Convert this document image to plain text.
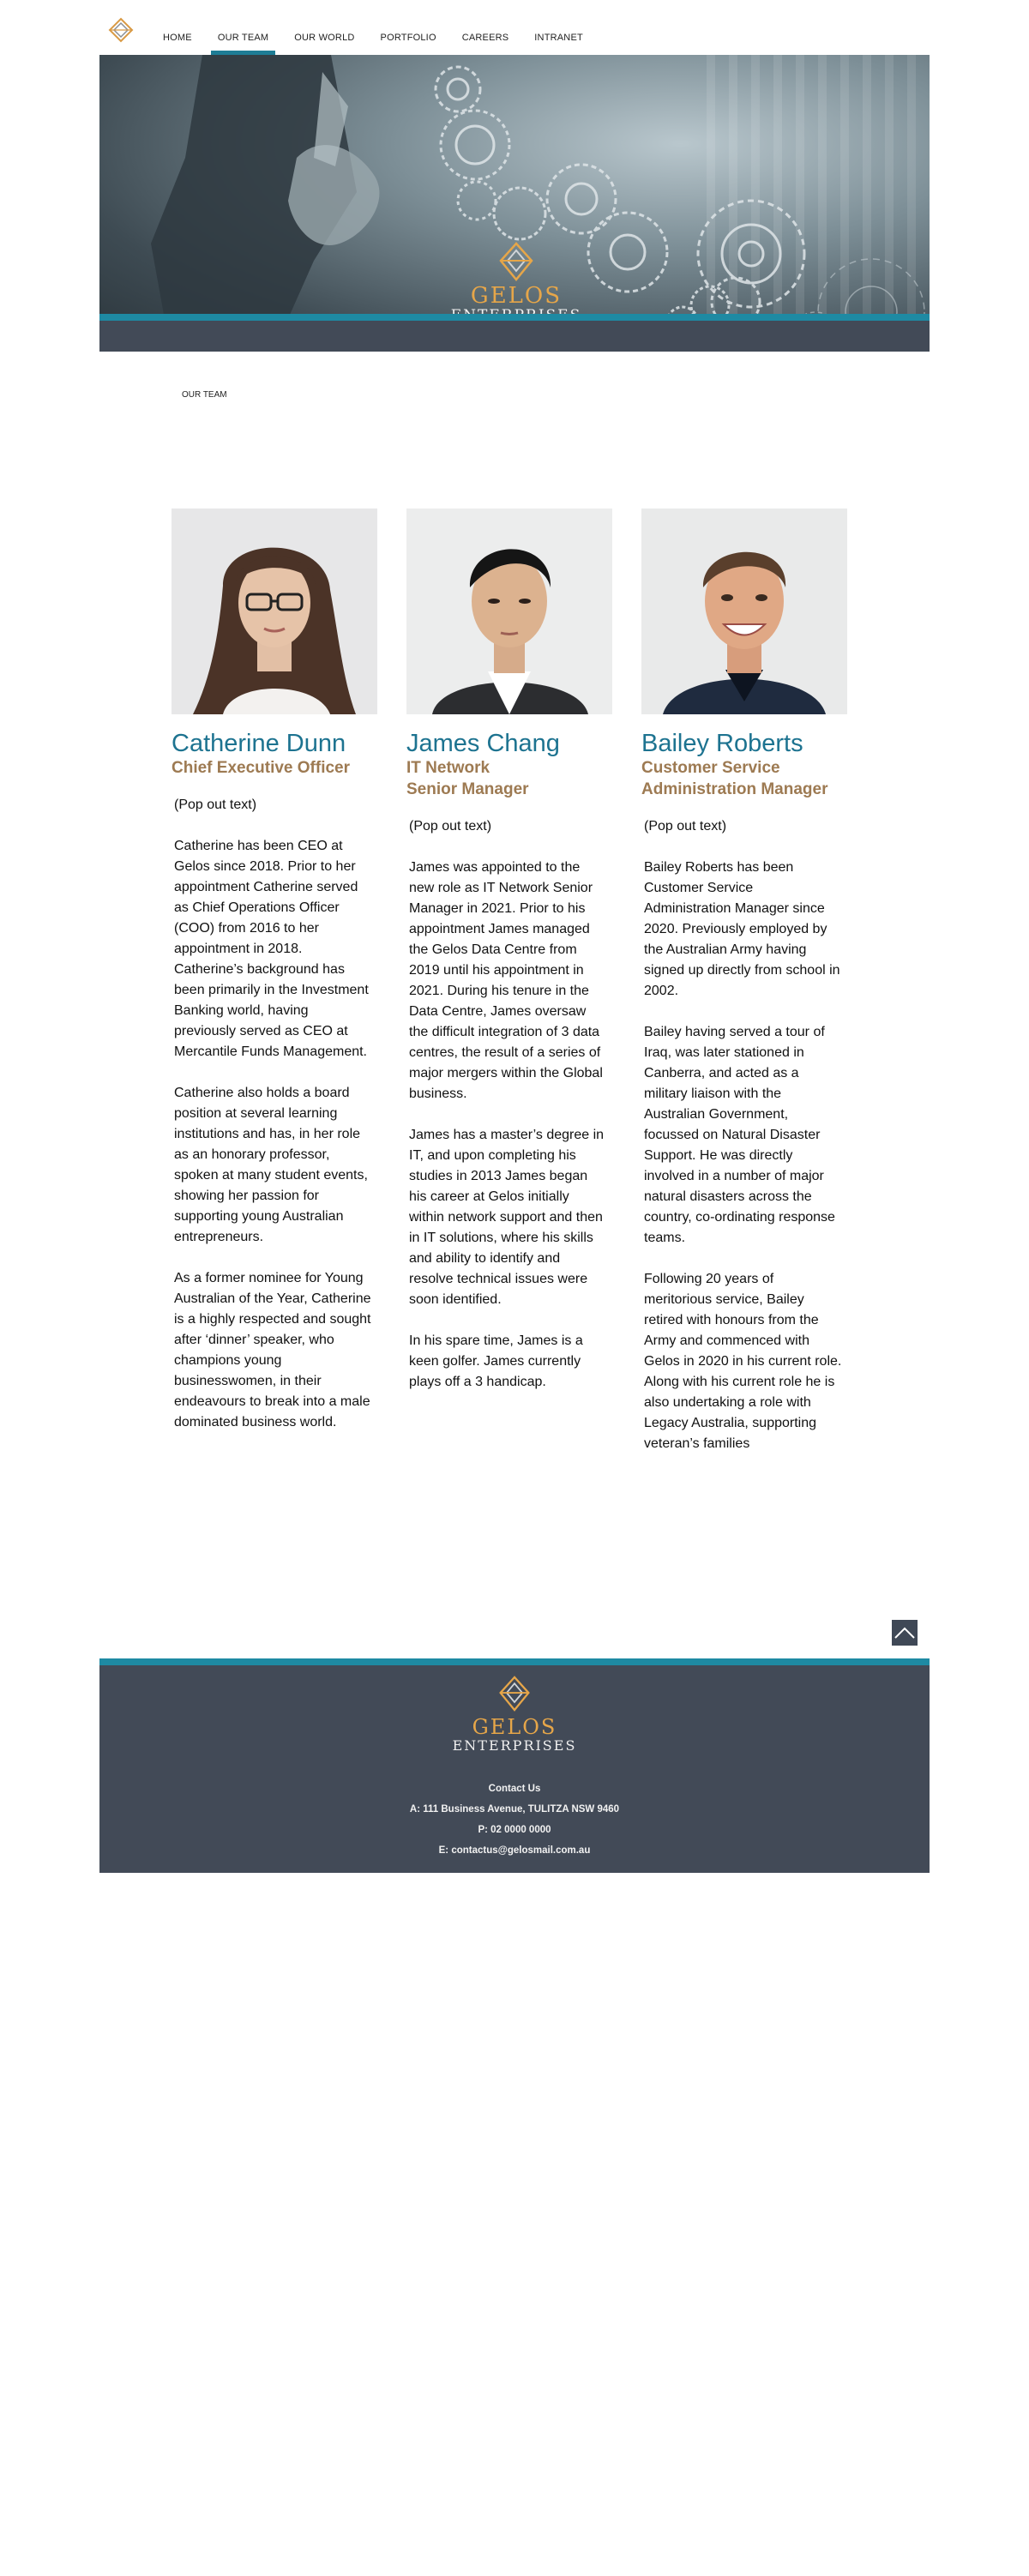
HOME	OUR TEAM	OUR WORLD	PORTFOLIO	CAREERS	INTRANET
GELOS
OUR TEAM
Catherine Dunn
Chief Executive Officer

(Pop out text)

Catherine has been CEO at Gelos since 2018. Prior to her appointment Catherine served as Chief Operations Officer (COO) from 2016 to her appointment in 2018. Catherine’s background has been primarily in the Investment Banking world, having previously served as CEO at Mercantile Funds Management.

Catherine also holds a board position at several learning institutions and has, in her role as an honorary professor, spoken at many student events, showing her passion for supporting young Australian entrepreneurs.

As a former nominee for Young Australian of the Year, Catherine is a highly respected and sought after ‘dinner’ speaker, who champions young businesswomen, in their endeavours to break into a male dominated business world.

James Chang
IT Network
Senior Manager

(Pop out text)

James was appointed to the new role as IT Network Senior Manager in 2021. Prior to his appointment James managed the Gelos Data Centre from 2019 until his appointment in 2021. During his tenure in the Data Centre, James oversaw the difficult integration of 3 data centres, the result of a series of major mergers within the Global business.

James has a master’s degree in IT, and upon completing his studies in 2013 James began his career at Gelos initially within network support and then in IT solutions, where his skills and ability to identify and resolve technical issues were soon identified.

In his spare time, James is a keen golfer. James currently plays off a 3 handicap.

Bailey Roberts
Customer Service
Administration Manager

(Pop out text)

Bailey Roberts has been Customer Service Administration Manager since 2020. Previously employed by the Australian Army having signed up directly from school in 2002.

Bailey having served a tour of Iraq, was later stationed in Canberra, and acted as a military liaison with the Australian Government, focussed on Natural Disaster Support. He was directly involved in a number of major natural disasters across the country, co-ordinating response teams.

Following 20 years of meritorious service, Bailey retired with honours from the Army and commenced with Gelos in 2020 in his current role. Along with his current role he is also undertaking a role with Legacy Australia, supporting veteran’s families

GELOS
ENTERPRISES
Contact Us
A: 111 Business Avenue, TULITZA NSW 9460
P: 02 0000 0000
E: contactus@gelosmail.com.au
